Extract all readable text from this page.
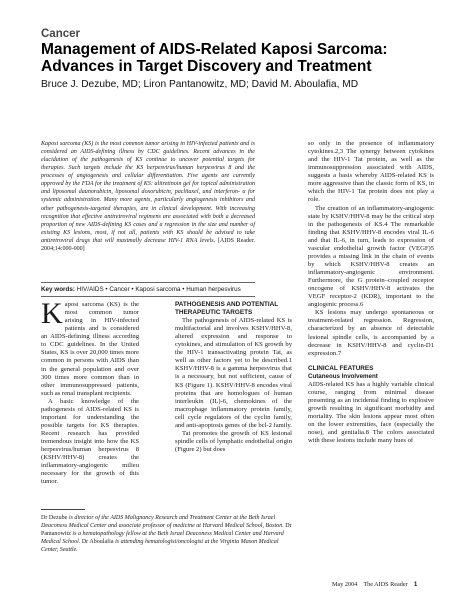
Cancer
Management of AIDS-Related Kaposi Sarcoma:
Advances in Target Discovery and Treatment
Bruce J. Dezube, MD; Liron Pantanowitz, MD; David M. Aboulafia, MD
Kaposi sarcoma (KS) is the most common tumor arising in HIV-infected patients and is considered an AIDS-defining illness by CDC guidelines. Recent advances in the elucidation of the pathogenesis of KS continue to uncover potential targets for therapies. Such targets include the KS herpesvirus/human herpesvirus 8 and the processes of angiogenesis and cellular differentiation. Five agents are currently approved by the FDA for the treatment of KS: alitretinoin gel for topical administration and liposomal daunorubicin, liposomal doxorubicin, paclitaxel, and interferon- α for systemic administration. Many more agents, particularly angiogenesis inhibitors and other pathogenesis-targeted therapies, are in clinical development. With increasing recognition that effective antiretroviral regimens are associated with both a decreased proportion of new AIDS-defining KS cases and a regression in the size and number of existing KS lesions, most, if not all, patients with KS should be advised to take antiretroviral drugs that will maximally decrease HIV-1 RNA levels. [AIDS Reader. 2004;14:000-000]
Key words: HIV/AIDS • Cancer • Kaposi sarcoma • Human herpesvirus

Kaposi sarcoma (KS) is the most common tumor arising in HIV-infected patients and is considered an AIDS-defining illness according to CDC guidelines. In the United States, KS is over 20,000 times more common in persons with AIDS than in the general population and over 300 times more common than in other immunosuppressed patients, such as renal transplant recipients.

A basic knowledge of the pathogenesis of AIDS-related KS is important for understanding the possible targets for KS therapies. Recent research has provided tremendous insight into how the KS herpesvirus/human herpesvirus 8 (KSHV/HHV-8) creates the inflammatory-angiogenic milieu necessary for the growth of this tumor.

PATHOGENESIS AND POTENTIAL
THERAPEUTIC TARGETS

The pathogenesis of AIDS-related KS is multifactorial and involves KSHV/HHV-8, altered expression and response to cytokines, and stimulation of KS growth by the HIV-1 transactivating protein Tat, as well as other factors yet to be described.1 KSHV/HHV-8 is a gamma herpesvirus that is a necessary, but not sufficient, cause of KS (Figure 1). KSHV/HHV-8 encodes viral proteins that are homologues of human interleukin (IL)-6, chemokines of the macrophage inflammatory protein family, cell cycle regulators of the cyclin family, and anti-apoptosis genes of the bcl-2 family.

Tat promotes the growth of KS lesional spindle cells of lymphatic endothelial origin (Figure 2) but does

so only in the presence of inflammatory cytokines.2,3 The synergy between cytokines and the HIV-1 Tat protein, as well as the immunosuppression associated with AIDS, suggests a basis whereby AIDS-related KS is more aggressive than the classic form of KS, in which the HIV-1 Tat protein does not play a role.

The creation of an inflammatory-angiogenic state by KSHV/HHV-8 may be the critical step in the pathogenesis of KS.4 The remarkable finding that KSHV/HHV-8 encodes viral IL-6 and that IL-6, in turn, leads to expression of vascular endothelial growth factor (VEGF)5 provides a missing link in the chain of events by which KSHV/HHV-8 creates an inflammatory-angiogenic environment. Furthermore, the G protein–coupled receptor oncogene of KSHV/HHV-8 activates the VEGF receptor-2 (KDR), important to the angiogenic process.6

KS lesions may undergo spontaneous or treatment-related regression. Regression, characterized by an absence of detectable lesional spindle cells, is accompanied by a decrease in KSHV/HHV-8 and cyclin-D1 expression.7

CLINICAL FEATURES
Cutaneous Involvement

AIDS-related KS has a highly variable clinical course, ranging from minimal disease presenting as an incidental finding to explosive growth resulting in significant morbidity and mortality. The skin lesions appear most often on the lower extremities, face (especially the nose), and genitalia.8 The colors associated with these lesions include many hues of

Dr Dezube is director of the AIDS Malignancy Research and Treatment Center at the Beth Israel Deaconess Medical Center and associate professor of medicine at Harvard Medical School, Boston. Dr Pantanowitz is a hematopathology fellow at the Beth Israel Deaconess Medical Center and Harvard Medical School. Dr Aboulafia is attending hematologist/oncologist at the Virginia Mason Medical Center, Seattle.
May 2004 The AIDS Reader 1
